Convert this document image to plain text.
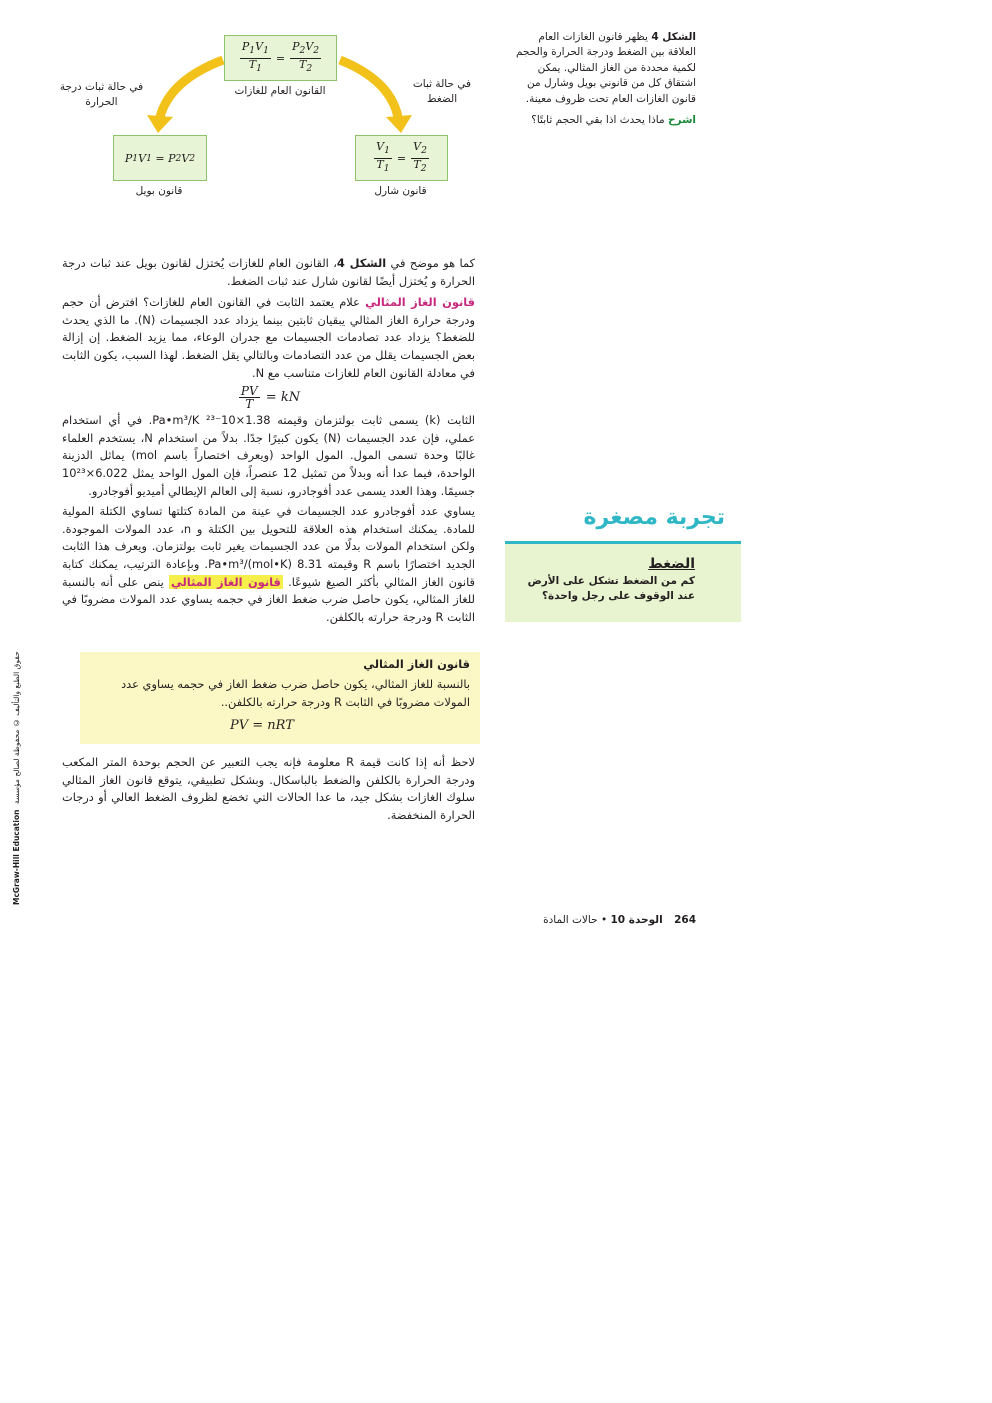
الشكل 4 يظهر قانون الغازات العام العلاقة بين الضغط ودرجة الحرارة والحجم لكمية محددة من الغاز المثالي. يمكن اشتقاق كل من قانوني بويل وشارل من قانون الغازات العام تحت ظروف معينة.
اشرح ماذا يحدث اذا بقي الحجم ثابتًا؟
$\frac{P_1V_1}{T_1} = \frac{P_2V_2}{T_2}$
القانون العام للغازات
P 1 V 1 = P 2 V 2
قانون بويل
$\frac{V_1}{T_1} = \frac{V_2}{T_2}$
قانون شارل
في حالة ثبات درجة الحرارة
في حالة ثبات الضغط

كما هو موضح في الشكل 4، القانون العام للغازات يُختزل لقانون بويل عند ثبات درجة الحرارة و يُختزل أيضًا لقانون شارل عند ثبات الضغط.

قانون الغاز المثالي علام يعتمد الثابت في القانون العام للغازات؟ افترض أن حجم ودرجة حرارة الغاز المثالي يبقيان ثابتين بينما يزداد عدد الجسيمات (N). ما الذي يحدث للضغط؟ يزداد عدد تصادمات الجسيمات مع جدران الوعاء، مما يزيد الضغط. إن إزالة بعض الجسيمات يقلل من عدد التصادمات وبالتالي يقل الضغط. لهذا السبب، يكون الثابت في معادلة القانون العام للغازات متناسب مع N.

$\frac{PV}{T}$ = kN

الثابت (k) يسمى ثابت بولتزمان وقيمته 1.38×10⁻²³ Pa•m³/K. في أي استخدام عملي، فإن عدد الجسيمات (N) يكون كبيرًا جدًا. بدلاً من استخدام N، يستخدم العلماء غالبًا وحدة تسمى المول. المول الواحد (ويعرف اختصاراً باسم mol) يماثل الدزينة الواحدة، فيما عدا أنه وبدلاً من تمثيل 12 عنصراً، فإن المول الواحد يمثل 6.022×10²³ جسيمًا. وهذا العدد يسمى عدد أفوجادرو، نسبة إلى العالم الإيطالي أميديو أفوجادرو.

يساوي عدد أفوجادرو عدد الجسيمات في عينة من المادة كتلتها تساوي الكتلة المولية للمادة. يمكنك استخدام هذه العلاقة للتحويل بين الكتلة و n، عدد المولات الموجودة. ولكن استخدام المولات بدلًا من عدد الجسيمات يغير ثابت بولتزمان. ويعرف هذا الثابت الجديد اختصارًا باسم R وقيمته 8.31 Pa•m³/(mol•K). وبإعادة الترتيب، يمكنك كتابة قانون الغاز المثالي بأكثر الصيغ شيوعًا. قانون الغاز المثالي ينص على أنه بالنسبة للغاز المثالي، يكون حاصل ضرب ضغط الغاز في حجمه يساوي عدد المولات مضروبًا في الثابت R ودرجة حرارته بالكلفن.

قانون الغاز المثالي
بالنسبة للغاز المثالي، يكون حاصل ضرب ضغط الغاز في حجمه يساوي عدد المولات مضروبًا في الثابت R ودرجة حرارته بالكلفن..
PV = nRT

لاحظ أنه إذا كانت قيمة R معلومة فإنه يجب التعبير عن الحجم بوحدة المتر المكعب ودرجة الحرارة بالكلفن والضغط بالباسكال. وبشكل تطبيقي، يتوقع قانون الغاز المثالي سلوك الغازات بشكل جيد، ما عدا الحالات التي تخضع لظروف الضغط العالي أو درجات الحرارة المنخفضة.

تجربة مصغرة
الضغط
كم من الضغط تشكل على الأرض عند الوقوف على رجل واحدة؟
264 الوحدة 10 • حالات المادة
McGraw-Hill Education
حقوق الطبع والتأليف © محفوظة لصالح مؤسسة
